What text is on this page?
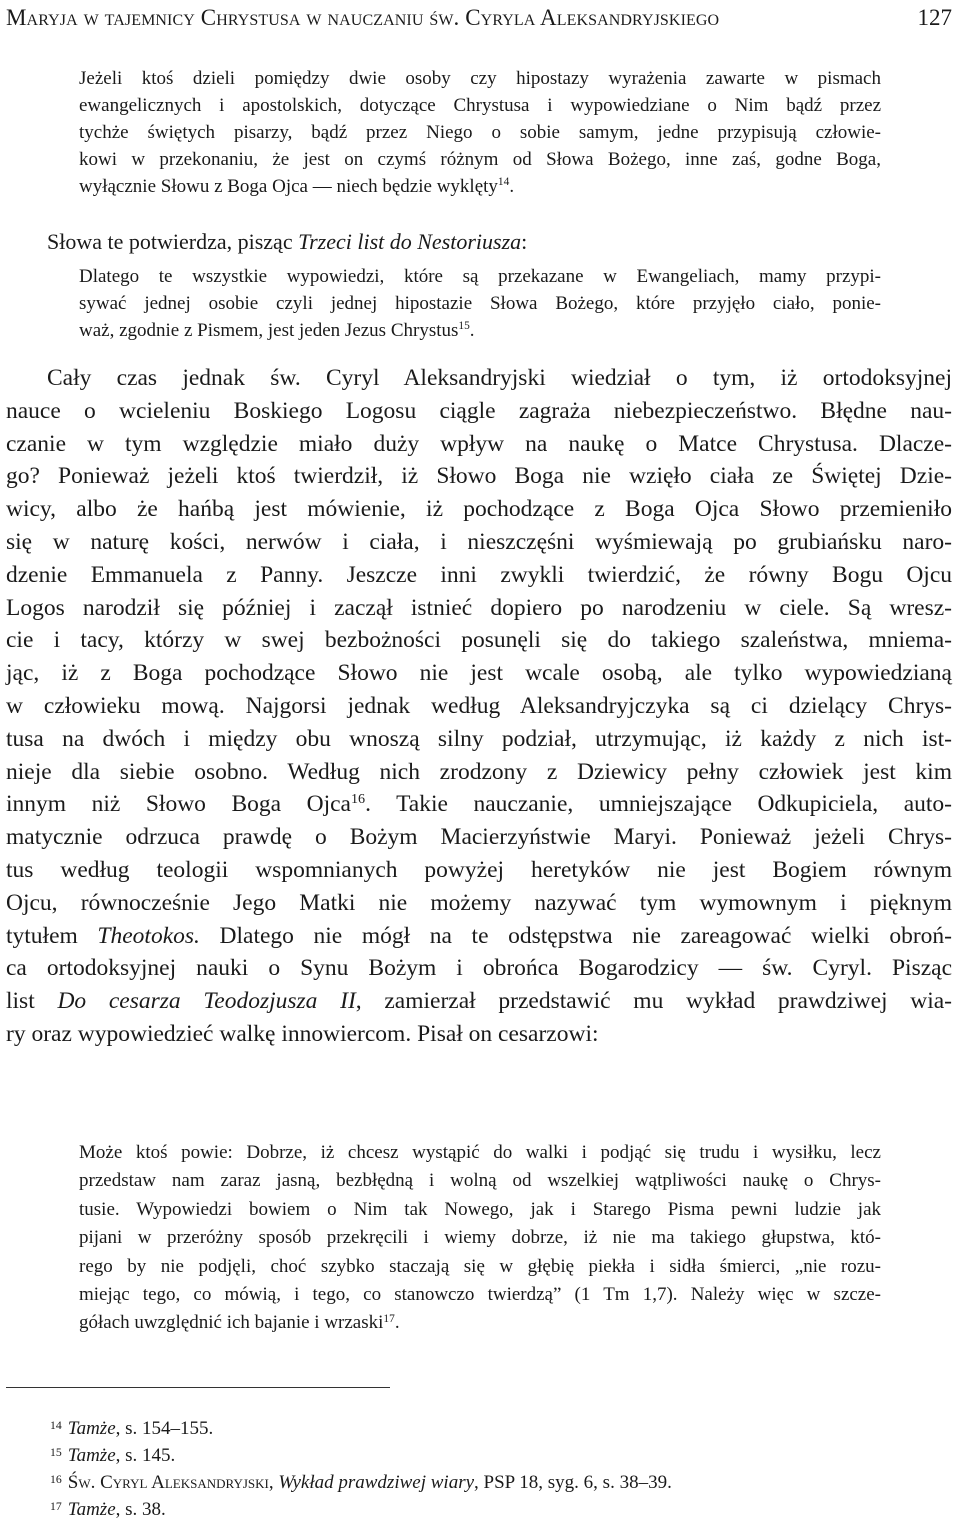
Maryja w tajemnicy Chrystusa w nauczaniu św. Cyryla Aleksandryjskiego	127
Jeżeli ktoś dzieli pomiędzy dwie osoby czy hipostazy wyrażenia zawarte w pismach
ewangelicznych i apostolskich, dotyczące Chrystusa i wypowiedziane o Nim bądź przez
tychże świętych pisarzy, bądź przez Niego o sobie samym, jedne przypisują człowie-
kowi w przekonaniu, że jest on czymś różnym od Słowa Bożego, inne zaś, godne Boga,
wyłącznie Słowu z Boga Ojca — niech będzie wyklęty$^{14}$.
Słowa te potwierdza, pisząc Trzeci list do Nestoriusza:
Dlatego te wszystkie wypowiedzi, które są przekazane w Ewangeliach, mamy przypi-
sywać jednej osobie czyli jednej hipostazie Słowa Bożego, które przyjęło ciało, ponie-
waż, zgodnie z Pismem, jest jeden Jezus Chrystus$^{15}$.
Cały czas jednak św. Cyryl Aleksandryjski wiedział o tym, iż ortodoksyjnej
nauce o wcieleniu Boskiego Logosu ciągle zagraża niebezpieczeństwo. Błędne nau-
czanie w tym względzie miało duży wpływ na naukę o Matce Chrystusa. Dlacze-
go? Ponieważ jeżeli ktoś twierdził, iż Słowo Boga nie wzięło ciała ze Świętej Dzie-
wicy, albo że hańbą jest mówienie, iż pochodzące z Boga Ojca Słowo przemieniło
się w naturę kości, nerwów i ciała, i nieszczęśni wyśmiewają po grubiańsku naro-
dzenie Emmanuela z Panny. Jeszcze inni zwykli twierdzić, że równy Bogu Ojcu
Logos narodził się później i zaczął istnieć dopiero po narodzeniu w ciele. Są wresz-
cie i tacy, którzy w swej bezbożności posunęli się do takiego szaleństwa, mniema-
jąc, iż z Boga pochodzące Słowo nie jest wcale osobą, ale tylko wypowiedzianą
w człowieku mową. Najgorsi jednak według Aleksandryjczyka są ci dzielący Chrys-
tusa na dwóch i między obu wnoszą silny podział, utrzymując, iż każdy z nich ist-
nieje dla siebie osobno. Według nich zrodzony z Dziewicy pełny człowiek jest kim
innym niż Słowo Boga Ojca$^{16}$. Takie nauczanie, umniejszające Odkupiciela, auto-
matycznie odrzuca prawdę o Bożym Macierzyństwie Maryi. Ponieważ jeżeli Chrys-
tus według teologii wspomnianych powyżej heretyków nie jest Bogiem równym
Ojcu, równocześnie Jego Matki nie możemy nazywać tym wymownym i pięknym
tytułem Theotokos. Dlatego nie mógł na te odstępstwa nie zareagować wielki obroń-
ca ortodoksyjnej nauki o Synu Bożym i obrońca Bogarodzicy — św. Cyryl. Pisząc
list Do cesarza Teodozjusza II, zamierzał przedstawić mu wykład prawdziwej wia-
ry oraz wypowiedzieć walkę innowiercom. Pisał on cesarzowi:
Może ktoś powie: Dobrze, iż chcesz wystąpić do walki i podjąć się trudu i wysiłku, lecz
przedstaw nam zaraz jasną, bezbłędną i wolną od wszelkiej wątpliwości naukę o Chrys-
tusie. Wypowiedzi bowiem o Nim tak Nowego, jak i Starego Pisma pewni ludzie jak
pijani w przeróżny sposób przekręcili i wiemy dobrze, iż nie ma takiego głupstwa, któ-
rego by nie podjęli, choć szybko staczają się w głębię piekła i sidła śmierci, „nie rozu-
miejąc tego, co mówią, i tego, co stanowczo twierdzą” (1 Tm 1,7). Należy więc w szcze-
gółach uwzględnić ich bajanie i wrzaski$^{17}$.
$^{14}$ Tamże, s. 154–155.
$^{15}$ Tamże, s. 145.
$^{16}$ Św. Cyryl Aleksandryjski, Wykład prawdziwej wiary, PSP 18, syg. 6, s. 38–39.
$^{17}$ Tamże, s. 38.
